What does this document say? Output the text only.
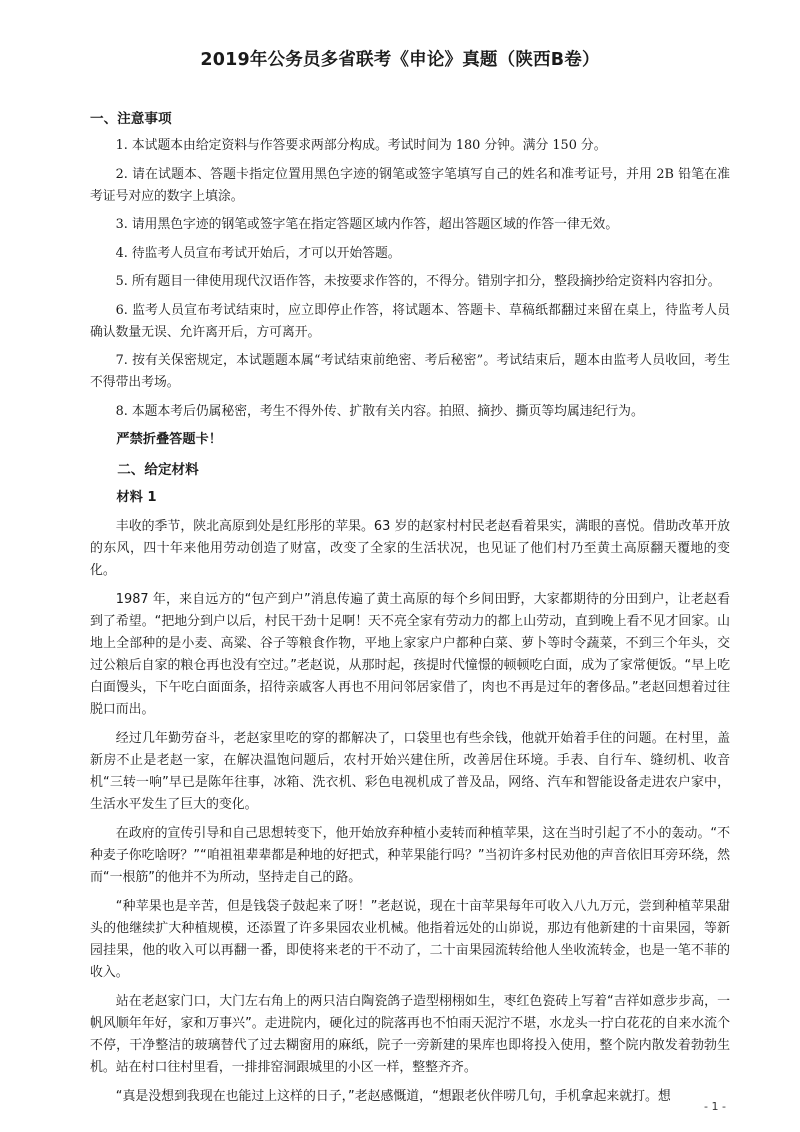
2019年公务员多省联考《申论》真题（陕西B卷）
一、注意事项

1. 本试题本由给定资料与作答要求两部分构成。考试时间为 180 分钟。满分 150 分。

2. 请在试题本、答题卡指定位置用黑色字迹的钢笔或签字笔填写自己的姓名和准考证号，并用 2B 铅笔在准考证号对应的数字上填涂。

3. 请用黑色字迹的钢笔或签字笔在指定答题区域内作答，超出答题区域的作答一律无效。

4. 待监考人员宣布考试开始后，才可以开始答题。

5. 所有题目一律使用现代汉语作答，未按要求作答的，不得分。错别字扣分，整段摘抄给定资料内容扣分。

6. 监考人员宣布考试结束时，应立即停止作答，将试题本、答题卡、草稿纸都翻过来留在桌上，待监考人员确认数量无误、允许离开后，方可离开。

7. 按有关保密规定，本试题题本属“考试结束前绝密、考后秘密”。考试结束后，题本由监考人员收回，考生不得带出考场。

8. 本题本考后仍属秘密，考生不得外传、扩散有关内容。拍照、摘抄、撕页等均属违纪行为。

严禁折叠答题卡！
二、给定材料
材料 1

丰收的季节，陕北高原到处是红彤彤的苹果。63 岁的赵家村村民老赵看着果实，满眼的喜悦。借助改革开放的东风，四十年来他用劳动创造了财富，改变了全家的生活状况，也见证了他们村乃至黄土高原翻天覆地的变化。

1987 年，来自远方的“包产到户”消息传遍了黄土高原的每个乡间田野，大家都期待的分田到户，让老赵看到了希望。“把地分到户以后，村民干劲十足啊！天不亮全家有劳动力的都上山劳动，直到晚上看不见才回家。山地上全部种的是小麦、高粱、谷子等粮食作物，平地上家家户户都种白菜、萝卜等时令蔬菜，不到三个年头，交过公粮后自家的粮仓再也没有空过。”老赵说，从那时起，孩提时代憧憬的顿顿吃白面，成为了家常便饭。“早上吃白面馒头，下午吃白面面条，招待亲戚客人再也不用问邻居家借了，肉也不再是过年的奢侈品。”老赵回想着过往脱口而出。

经过几年勤劳奋斗，老赵家里吃的穿的都解决了，口袋里也有些余钱，他就开始着手住的问题。在村里，盖新房不止是老赵一家，在解决温饱问题后，农村开始兴建住所，改善居住环境。手表、自行车、缝纫机、收音机“三转一响”早已是陈年往事，冰箱、洗衣机、彩色电视机成了普及品，网络、汽车和智能设备走进农户家中，生活水平发生了巨大的变化。

在政府的宣传引导和自己思想转变下，他开始放弃种植小麦转而种植苹果，这在当时引起了不小的轰动。“不种麦子你吃啥呀？”“咱祖祖辈辈都是种地的好把式，种苹果能行吗？”当初许多村民劝他的声音依旧耳旁环绕，然而“一根筋”的他并不为所动，坚持走自己的路。

“种苹果也是辛苦，但是钱袋子鼓起来了呀！”老赵说，现在十亩苹果每年可收入八九万元，尝到种植苹果甜头的他继续扩大种植规模，还添置了许多果园农业机械。他指着远处的山峁说，那边有他新建的十亩果园，等新园挂果，他的收入可以再翻一番，即使将来老的干不动了，二十亩果园流转给他人坐收流转金，也是一笔不菲的收入。

站在老赵家门口，大门左右角上的两只洁白陶瓷鸽子造型栩栩如生，枣红色瓷砖上写着“吉祥如意步步高，一帆风顺年年好，家和万事兴”。走进院内，硬化过的院落再也不怕雨天泥泞不堪，水龙头一拧白花花的自来水流个不停，干净整洁的玻璃替代了过去糊窗用的麻纸，院子一旁新建的果库也即将投入使用，整个院内散发着勃勃生机。站在村口往村里看，一排排窑洞跟城里的小区一样，整整齐齐。

“真是没想到我现在也能过上这样的日子，”老赵感慨道，“想跟老伙伴唠几句，手机拿起来就打。想

- 1 -
